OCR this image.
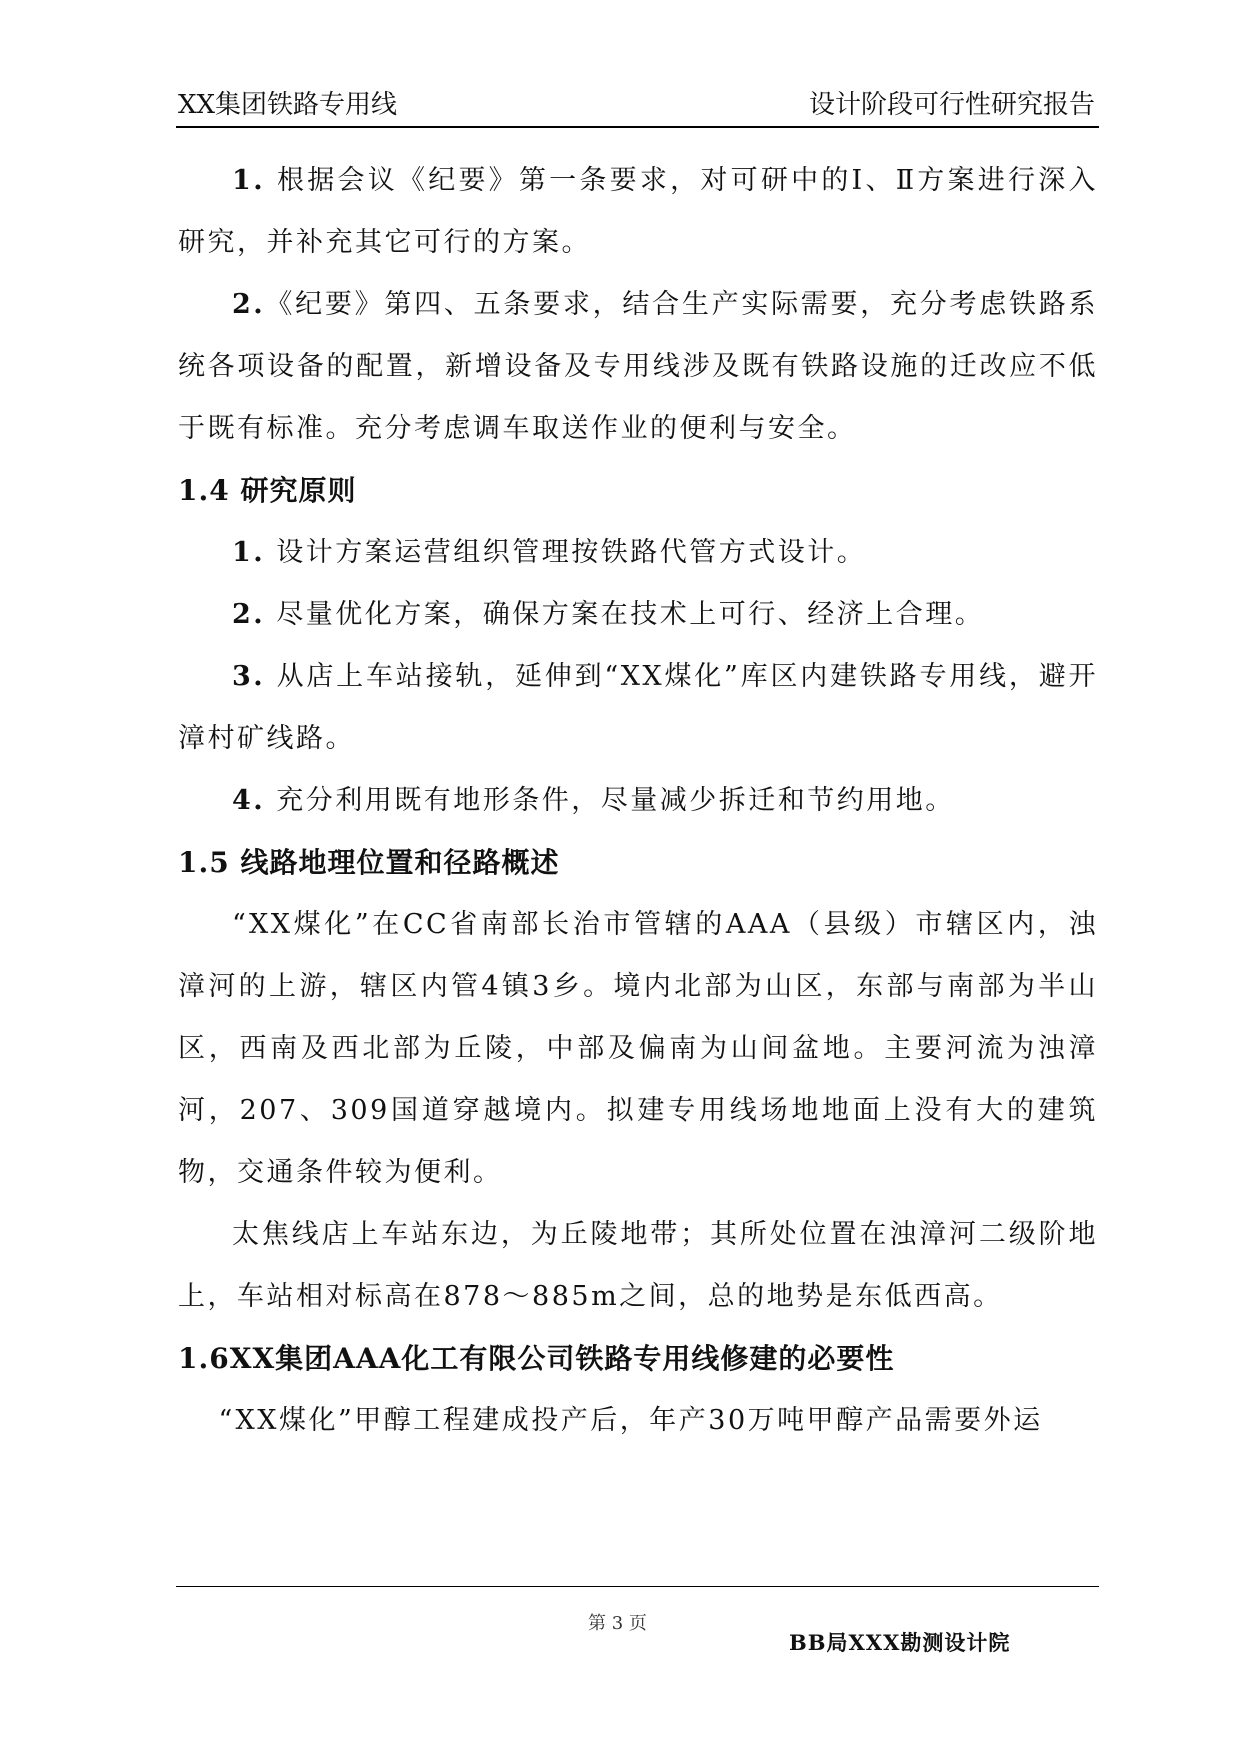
XX集团铁路专用线	设计阶段可行性研究报告

1. 根据会议《纪要》第一条要求，对可研中的Ⅰ、Ⅱ方案进行深入研究，并补充其它可行的方案。

2.《纪要》第四、五条要求，结合生产实际需要，充分考虑铁路系统各项设备的配置，新增设备及专用线涉及既有铁路设施的迁改应不低于既有标准。充分考虑调车取送作业的便利与安全。

1.4 研究原则

1. 设计方案运营组织管理按铁路代管方式设计。

2. 尽量优化方案，确保方案在技术上可行、经济上合理。

3. 从店上车站接轨，延伸到“XX煤化”库区内建铁路专用线，避开漳村矿线路。

4. 充分利用既有地形条件，尽量减少拆迁和节约用地。

1.5 线路地理位置和径路概述

“XX煤化”在CC省南部长治市管辖的AAA（县级）市辖区内，浊漳河的上游，辖区内管4镇3乡。境内北部为山区，东部与南部为半山区，西南及西北部为丘陵，中部及偏南为山间盆地。主要河流为浊漳河，207、309国道穿越境内。拟建专用线场地地面上没有大的建筑物，交通条件较为便利。

太焦线店上车站东边，为丘陵地带；其所处位置在浊漳河二级阶地上，车站相对标高在878～885m之间，总的地势是东低西高。

1.6XX集团AAA化工有限公司铁路专用线修建的必要性

“XX煤化”甲醇工程建成投产后，年产30万吨甲醇产品需要外运

第 3 页
BB局XXX勘测设计院
